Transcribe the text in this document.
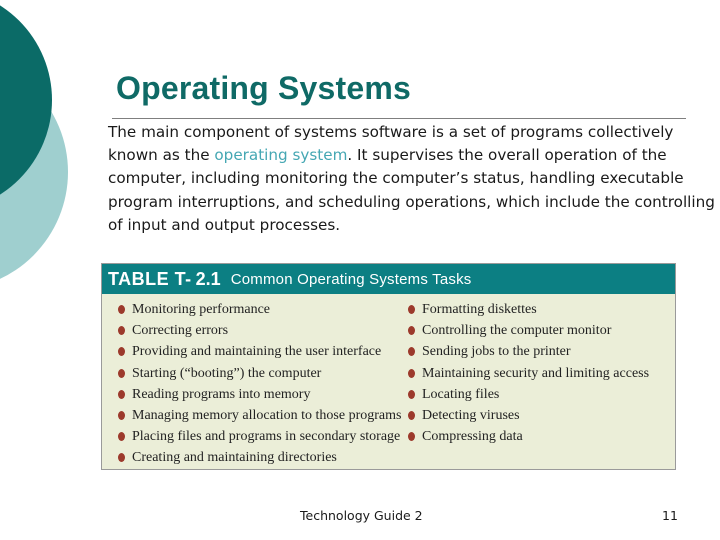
Operating Systems
The main component of systems software is a set of programs collectively known as the operating system. It supervises the overall operation of the computer, including monitoring the computer’s status, handling executable program interruptions, and scheduling operations, which include the controlling of input and output processes.
TABLE T- 2.1 Common Operating Systems Tasks
Monitoring performance
Correcting errors
Providing and maintaining the user interface
Starting (“booting”) the computer
Reading programs into memory
Managing memory allocation to those programs
Placing files and programs in secondary storage
Creating and maintaining directories
Formatting diskettes
Controlling the computer monitor
Sending jobs to the printer
Maintaining security and limiting access
Locating files
Detecting viruses
Compressing data
Technology Guide 2	11
